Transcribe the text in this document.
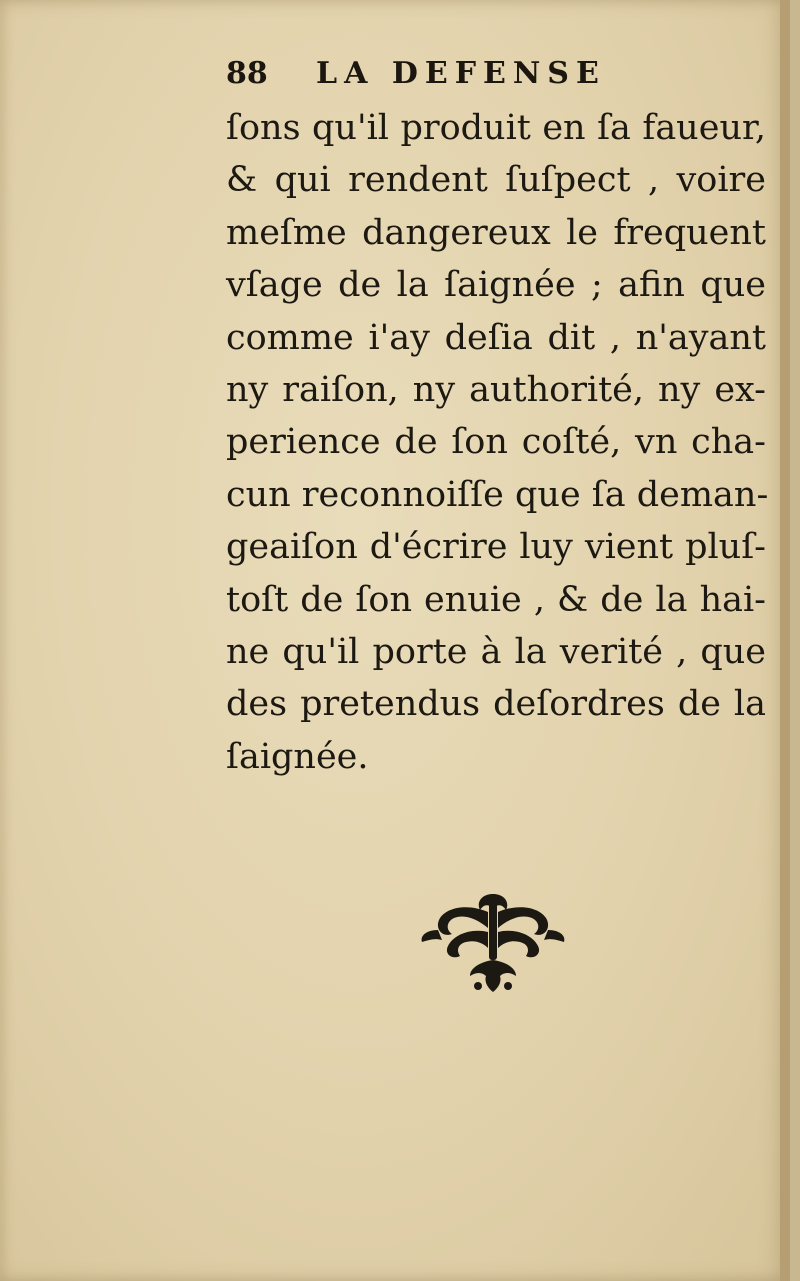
88 LA DEFENSE
ſons qu'il produit en ſa faueur,
& qui rendent ſuſpect , voire
meſme dangereux le frequent
vſage de la ſaignée ; afin que
comme i'ay deſia dit , n'ayant
ny raiſon, ny authorité, ny ex-
perience de ſon coſté, vn cha-
cun reconnoiſſe que ſa deman-
geaiſon d'écrire luy vient pluſ-
toſt de ſon enuie , & de la hai-
ne qu'il porte à la verité , que
des pretendus deſordres de la
ſaignée.
